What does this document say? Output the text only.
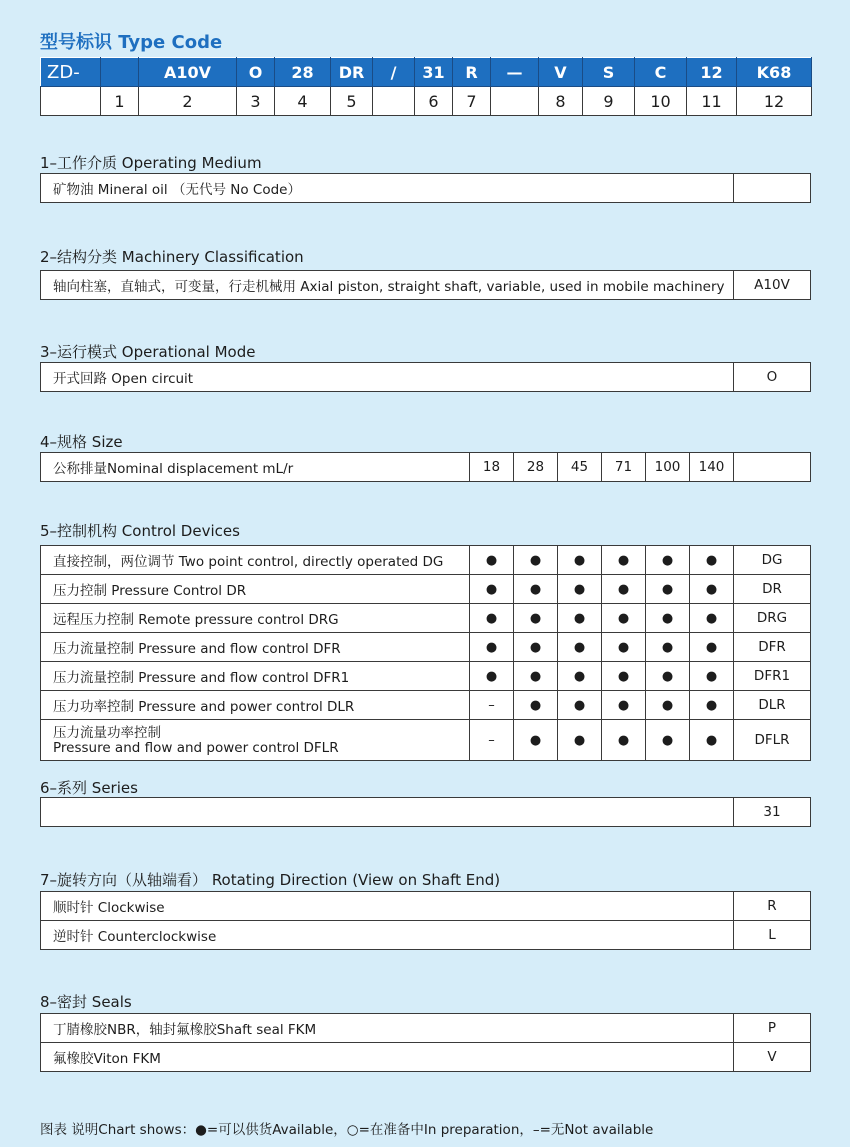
型号标识 Type Code
ZD-		A10V	O	28	DR	/	31	R	—	V	S	C	12	K68
	1	2	3	4	5		6	7		8	9	10	11	12
1–工作介质 Operating Medium
矿物油 Mineral oil （无代号 No Code）	
2–结构分类 Machinery Classification
轴向柱塞，直轴式，可变量，行走机械用 Axial piston, straight shaft, variable, used in mobile machinery	A10V
3–运行模式 Operational Mode
开式回路 Open circuit	O
4–规格 Size
公称排量Nominal displacement mL/r	18	28	45	71	100	140	
5–控制机构 Control Devices
直接控制，两位调节 Two point control, directly operated DG	●	●	●	●	●	●	DG
压力控制 Pressure Control DR	●	●	●	●	●	●	DR
远程压力控制 Remote pressure control DRG	●	●	●	●	●	●	DRG
压力流量控制 Pressure and flow control DFR	●	●	●	●	●	●	DFR
压力流量控制 Pressure and flow control DFR1	●	●	●	●	●	●	DFR1
压力功率控制 Pressure and power control DLR	–	●	●	●	●	●	DLR

压力流量功率控制
Pressure and flow and power control DFLR	–	●	●	●	●	●	DFLR
6–系列 Series
	31
7–旋转方向（从轴端看） Rotating Direction (View on Shaft End)
顺时针 Clockwise	R
逆时针 Counterclockwise	L
8–密封 Seals
丁腈橡胶NBR，轴封氟橡胶Shaft seal FKM	P
氟橡胶Viton FKM	V
图表 说明Chart shows：●=可以供货Available，○=在准备中In preparation，–=无Not available
